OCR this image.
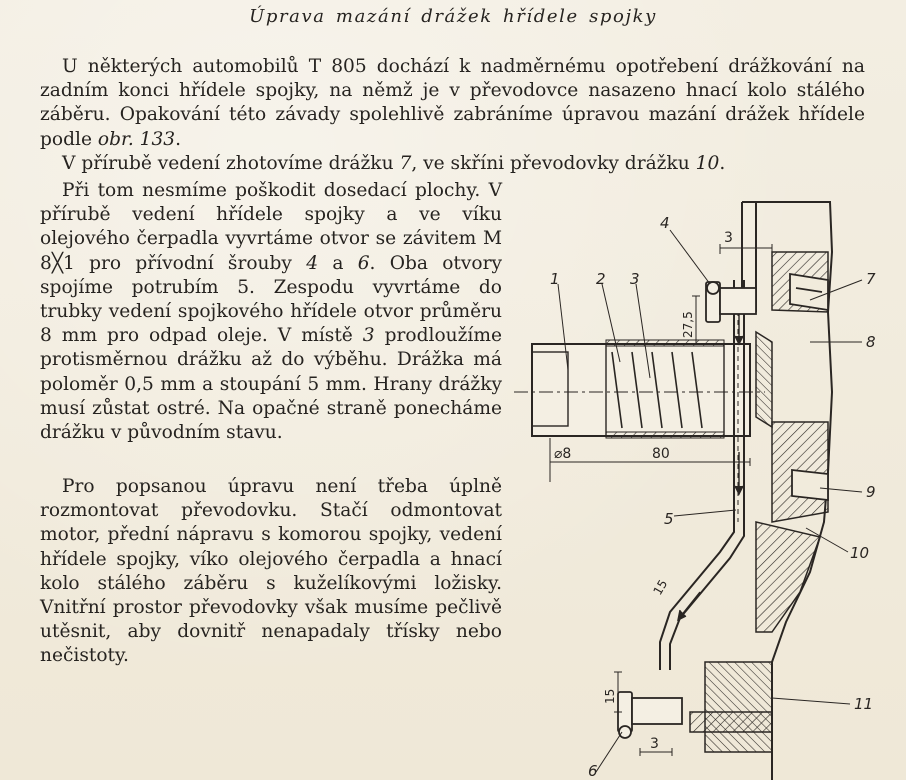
Úprava mazání drážek hřídele spojky

U některých automobilů T 805 dochází k nadměrnému opotřebení drážkování na zadním konci hřídele spojky, na němž je v převodovce nasazeno hnací kolo stálého záběru. Opakování této závady spolehlivě zabráníme úpravou mazání drážek hřídele podle obr. 133.

V přírubě vedení zhotovíme drážku 7, ve skříni převodovky drážku 10.

Při tom nesmíme poškodit dosedací plochy. V přírubě vedení hřídele spojky a ve víku olejového čerpadla vyvrtáme otvor se závitem M 8╳1 pro přívodní šrouby 4 a 6. Oba otvory spojíme potrubím 5. Zespodu vyvrtáme do trubky vedení spojkového hřídele otvor průměru 8 mm pro odpad oleje. V místě 3 prodloužíme protisměrnou drážku až do výběhu. Drážka má poloměr 0,5 mm a stoupání 5 mm. Hrany drážky musí zůstat ostré. Na opačné straně ponecháme drážku v původním stavu.

Pro popsanou úpravu není třeba úplně rozmontovat převodovku. Stačí odmontovat motor, přední nápravu s komorou spojky, vedení hřídele spojky, víko olejového čerpadla a hnací kolo stálého záběru s kuželíkovými ložisky. Vnitřní prostor převodovky však musíme pečlivě utěsnit, aby dovnitř nenapadaly třísky nebo nečistoty.

1 2 3
4
5
6
7
8
9
10
11
3
27,5
⌀8	80
15
15
3
